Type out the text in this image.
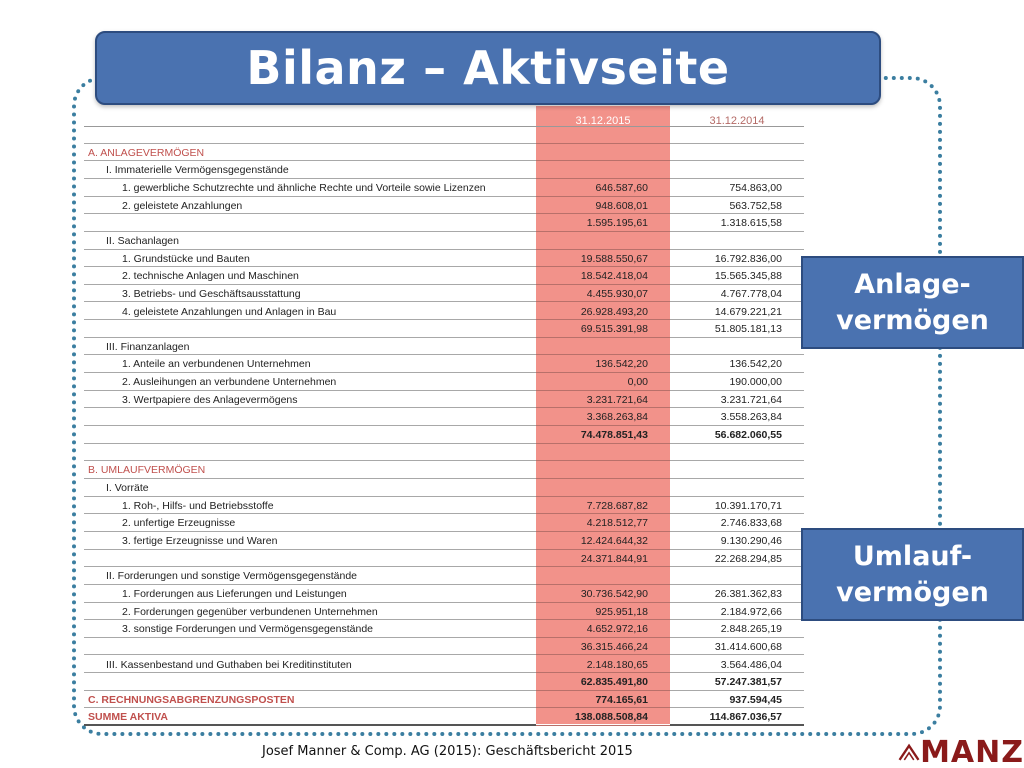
Bilanz – Aktivseite
31.12.2015	31.12.2014
A. ANLAGEVERMÖGEN
I. Immaterielle Vermögensgegenstände
1. gewerbliche Schutzrechte und ähnliche Rechte und Vorteile sowie Lizenzen	646.587,60	754.863,00
2. geleistete Anzahlungen	948.608,01	563.752,58
1.595.195,61	1.318.615,58
II. Sachanlagen
1. Grundstücke und Bauten	19.588.550,67	16.792.836,00
2. technische Anlagen und Maschinen	18.542.418,04	15.565.345,88
3. Betriebs- und Geschäftsausstattung	4.455.930,07	4.767.778,04
4. geleistete Anzahlungen und Anlagen in Bau	26.928.493,20	14.679.221,21
69.515.391,98	51.805.181,13
III. Finanzanlagen
1. Anteile an verbundenen Unternehmen	136.542,20	136.542,20
2. Ausleihungen an verbundene Unternehmen	0,00	190.000,00
3. Wertpapiere des Anlagevermögens	3.231.721,64	3.231.721,64
3.368.263,84	3.558.263,84
74.478.851,43	56.682.060,55
B. UMLAUFVERMÖGEN
I. Vorräte
1. Roh-, Hilfs- und Betriebsstoffe	7.728.687,82	10.391.170,71
2. unfertige Erzeugnisse	4.218.512,77	2.746.833,68
3. fertige Erzeugnisse und Waren	12.424.644,32	9.130.290,46
24.371.844,91	22.268.294,85
II. Forderungen und sonstige Vermögensgegenstände
1. Forderungen aus Lieferungen und Leistungen	30.736.542,90	26.381.362,83
2. Forderungen gegenüber verbundenen Unternehmen	925.951,18	2.184.972,66
3. sonstige Forderungen und Vermögensgegenstände	4.652.972,16	2.848.265,19
36.315.466,24	31.414.600,68
III. Kassenbestand und Guthaben bei Kreditinstituten	2.148.180,65	3.564.486,04
62.835.491,80	57.247.381,57
C. RECHNUNGSABGRENZUNGSPOSTEN	774.165,61	937.594,45
SUMME AKTIVA	138.088.508,84	114.867.036,57
Anlage-
vermögen
Umlauf-
vermögen
Josef Manner & Comp. AG (2015): Geschäftsbericht 2015	MANZ
